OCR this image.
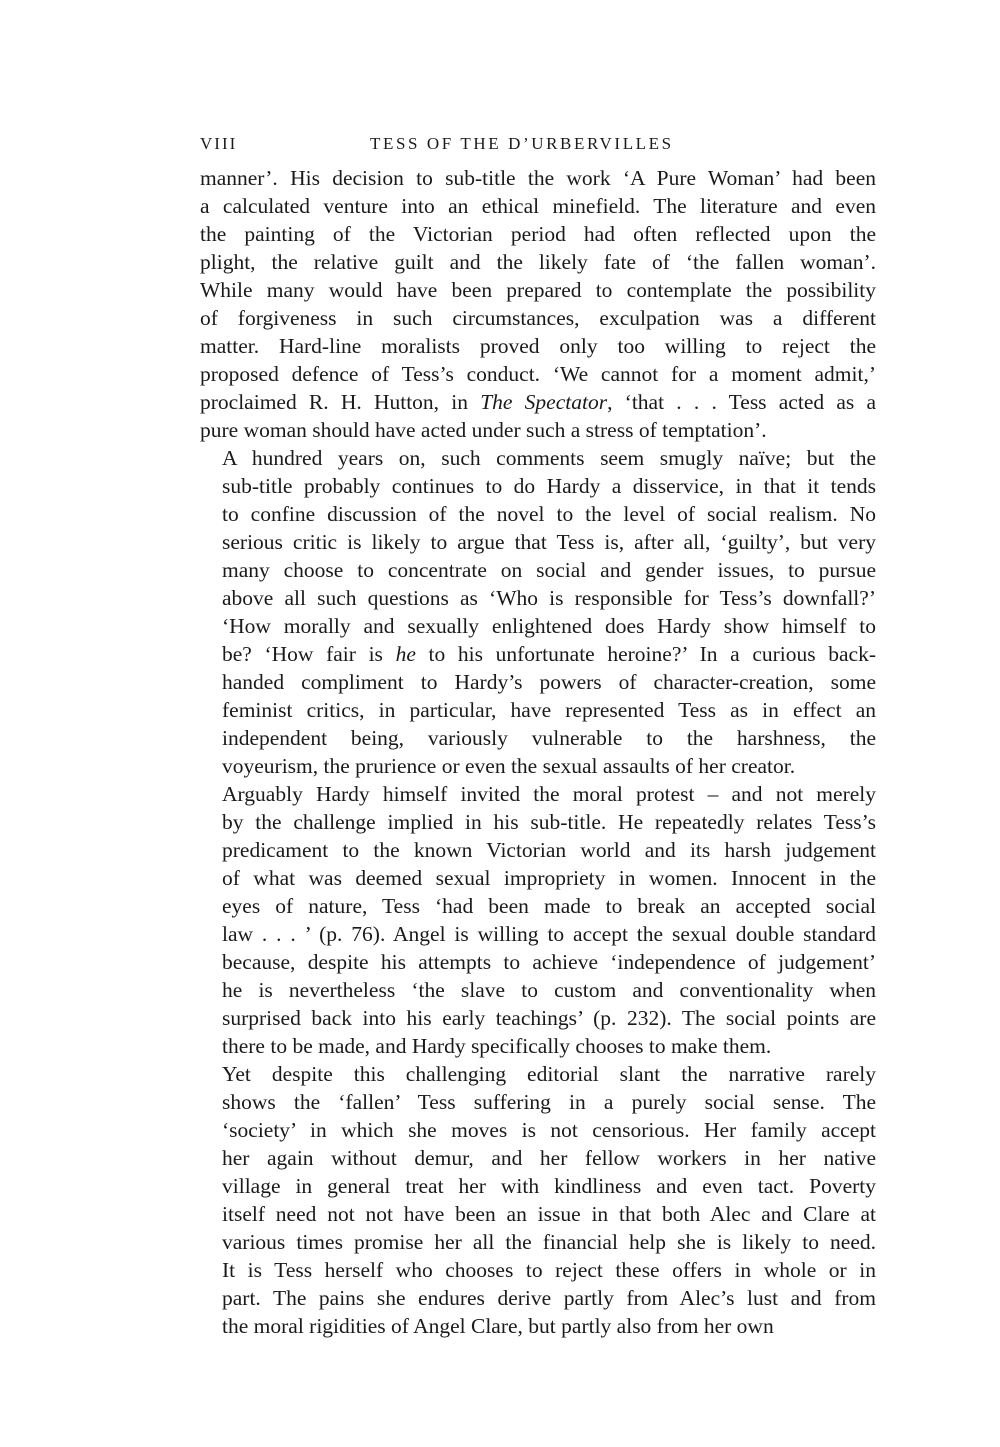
VIII	TESS OF THE D’URBERVILLES
manner’. His decision to sub-title the work ‘A Pure Woman’ had been
a calculated venture into an ethical minefield. The literature and even
the painting of the Victorian period had often reflected upon the
plight, the relative guilt and the likely fate of ‘the fallen woman’.
While many would have been prepared to contemplate the possibility
of forgiveness in such circumstances, exculpation was a different
matter. Hard-line moralists proved only too willing to reject the
proposed defence of Tess’s conduct. ‘We cannot for a moment admit,’
proclaimed R. H. Hutton, in The Spectator, ‘that . . . Tess acted as a
pure woman should have acted under such a stress of temptation’.
A hundred years on, such comments seem smugly naïve; but the
sub-title probably continues to do Hardy a disservice, in that it tends
to confine discussion of the novel to the level of social realism. No
serious critic is likely to argue that Tess is, after all, ‘guilty’, but very
many choose to concentrate on social and gender issues, to pursue
above all such questions as ‘Who is responsible for Tess’s downfall?’
‘How morally and sexually enlightened does Hardy show himself to
be? ‘How fair is he to his unfortunate heroine?’ In a curious back-
handed compliment to Hardy’s powers of character-creation, some
feminist critics, in particular, have represented Tess as in effect an
independent being, variously vulnerable to the harshness, the
voyeurism, the prurience or even the sexual assaults of her creator.
Arguably Hardy himself invited the moral protest – and not merely
by the challenge implied in his sub-title. He repeatedly relates Tess’s
predicament to the known Victorian world and its harsh judgement
of what was deemed sexual impropriety in women. Innocent in the
eyes of nature, Tess ‘had been made to break an accepted social
law . . . ’ (p. 76). Angel is willing to accept the sexual double standard
because, despite his attempts to achieve ‘independence of judgement’
he is nevertheless ‘the slave to custom and conventionality when
surprised back into his early teachings’ (p. 232). The social points are
there to be made, and Hardy specifically chooses to make them.
Yet despite this challenging editorial slant the narrative rarely
shows the ‘fallen’ Tess suffering in a purely social sense. The
‘society’ in which she moves is not censorious. Her family accept
her again without demur, and her fellow workers in her native
village in general treat her with kindliness and even tact. Poverty
itself need not not have been an issue in that both Alec and Clare at
various times promise her all the financial help she is likely to need.
It is Tess herself who chooses to reject these offers in whole or in
part. The pains she endures derive partly from Alec’s lust and from
the moral rigidities of Angel Clare, but partly also from her own
